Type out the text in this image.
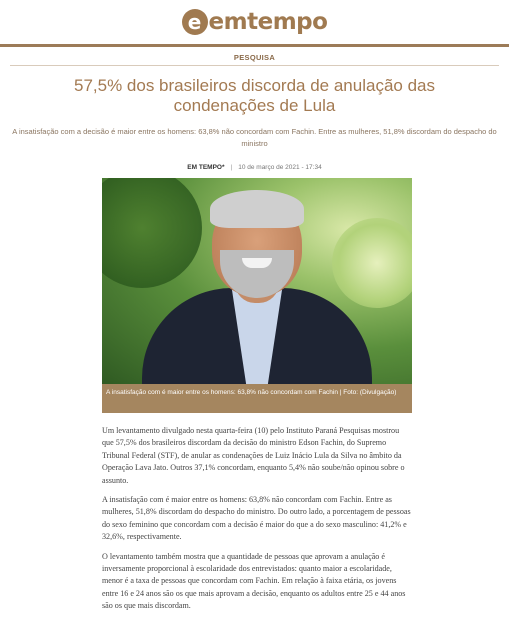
e emtempo
PESQUISA
57,5% dos brasileiros discorda de anulação das condenações de Lula

A insatisfação com a decisão é maior entre os homens: 63,8% não concordam com Fachin. Entre as mulheres, 51,8% discordam do despacho do ministro

EM TEMPO* | 10 de março de 2021 - 17:34
A insatisfação com é maior entre os homens: 63,8% não concordam com Fachin | Foto: (Divulgação)

Um levantamento divulgado nesta quarta-feira (10) pelo Instituto Paraná Pesquisas mostrou que 57,5% dos brasileiros discordam da decisão do ministro Edson Fachin, do Supremo Tribunal Federal (STF), de anular as condenações de Luiz Inácio Lula da Silva no âmbito da Operação Lava Jato. Outros 37,1% concordam, enquanto 5,4% não soube/não opinou sobre o assunto.

A insatisfação com é maior entre os homens: 63,8% não concordam com Fachin. Entre as mulheres, 51,8% discordam do despacho do ministro. Do outro lado, a porcentagem de pessoas do sexo feminino que concordam com a decisão é maior do que a do sexo masculino: 41,2% e 32,6%, respectivamente.

O levantamento também mostra que a quantidade de pessoas que aprovam a anulação é inversamente proporcional à escolaridade dos entrevistados: quanto maior a escolaridade, menor é a taxa de pessoas que concordam com Fachin. Em relação à faixa etária, os jovens entre 16 e 24 anos são os que mais aprovam a decisão, enquanto os adultos entre 25 e 44 anos são os que mais discordam.
